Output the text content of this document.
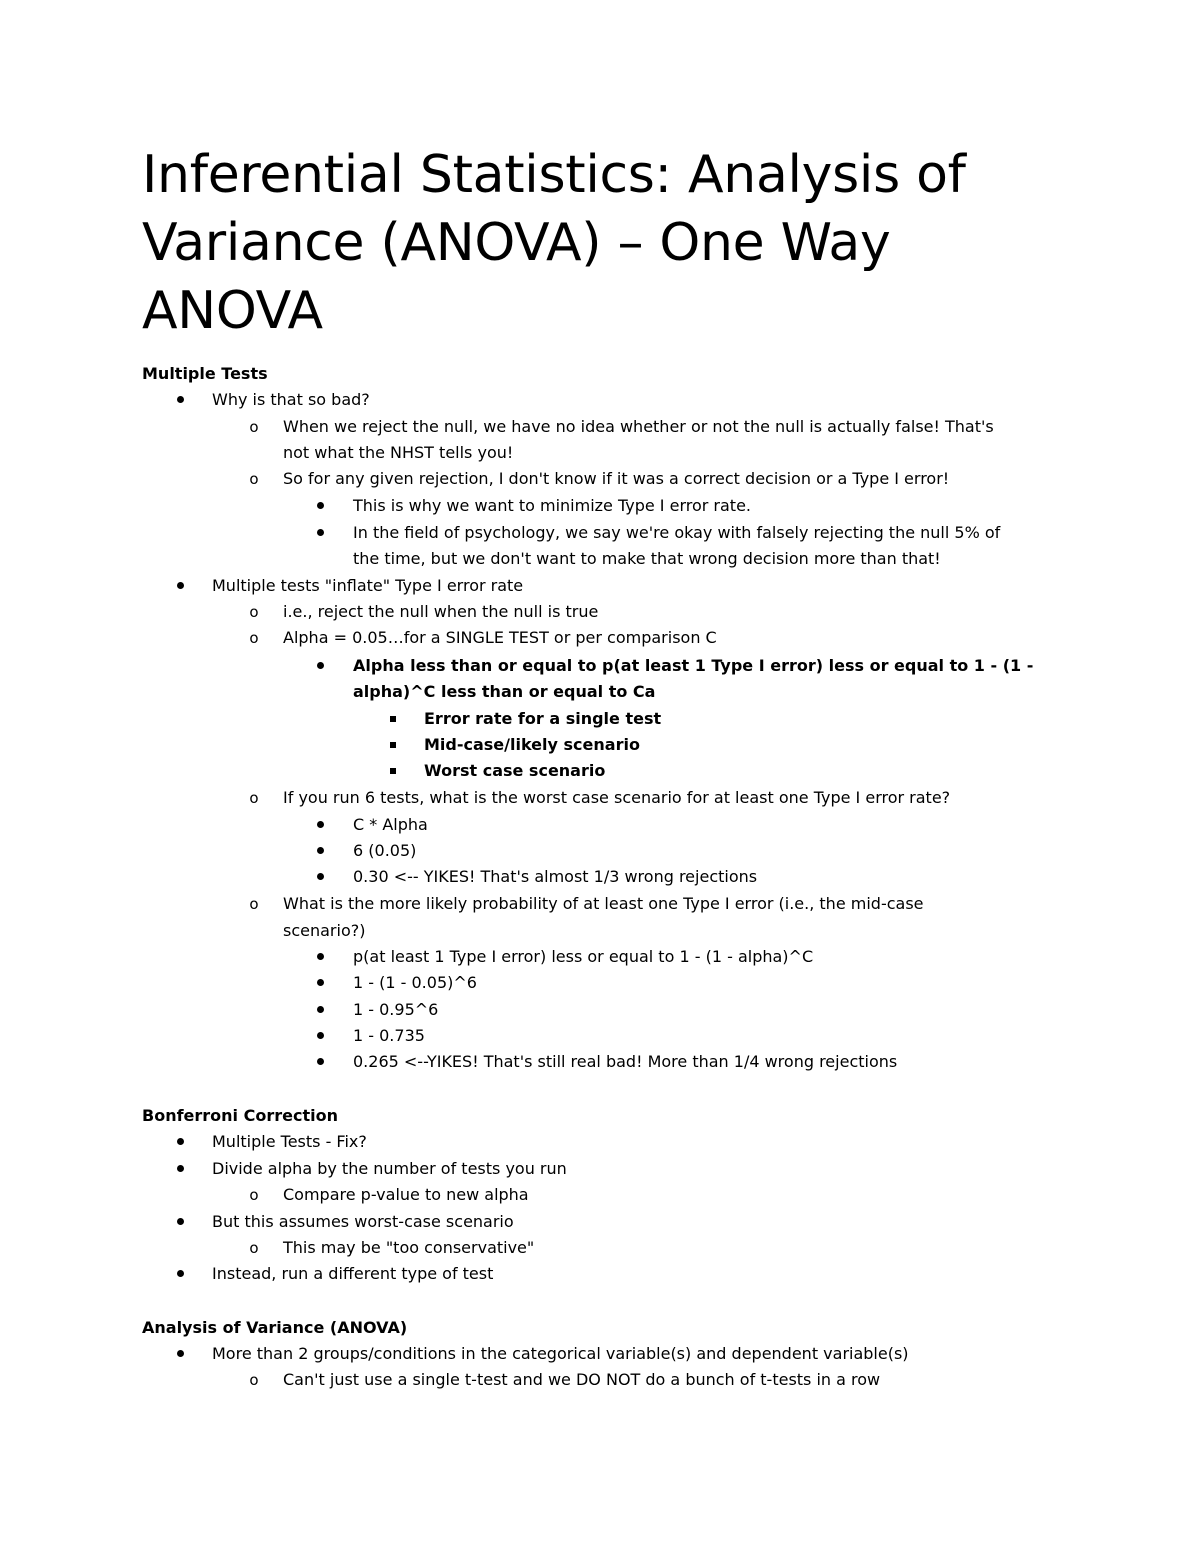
Inferential Statistics: Analysis of Variance (ANOVA) – One Way ANOVA
Multiple Tests
Why is that so bad?
o	When we reject the null, we have no idea whether or not the null is actually false! That's
not what the NHST tells you!
o	So for any given rejection, I don't know if it was a correct decision or a Type I error!
This is why we want to minimize Type I error rate.
In the field of psychology, we say we're okay with falsely rejecting the null 5% of
the time, but we don't want to make that wrong decision more than that!
Multiple tests "inflate" Type I error rate
o	i.e., reject the null when the null is true
o	Alpha = 0.05…for a SINGLE TEST or per comparison C
Alpha less than or equal to p(at least 1 Type I error) less or equal to 1 - (1 -
alpha)^C less than or equal to Ca
Error rate for a single test
Mid-case/likely scenario
Worst case scenario
o	If you run 6 tests, what is the worst case scenario for at least one Type I error rate?
C * Alpha
6 (0.05)
0.30 <-- YIKES! That's almost 1/3 wrong rejections
o	What is the more likely probability of at least one Type I error (i.e., the mid-case
scenario?)
p(at least 1 Type I error) less or equal to 1 - (1 - alpha)^C
1 - (1 - 0.05)^6
1 - 0.95^6
1 - 0.735
0.265 <--YIKES! That's still real bad! More than 1/4 wrong rejections
Bonferroni Correction
Multiple Tests - Fix?
Divide alpha by the number of tests you run
o	Compare p-value to new alpha
But this assumes worst-case scenario
o	This may be "too conservative"
Instead, run a different type of test
Analysis of Variance (ANOVA)
More than 2 groups/conditions in the categorical variable(s) and dependent variable(s)
o	Can't just use a single t-test and we DO NOT do a bunch of t-tests in a row
